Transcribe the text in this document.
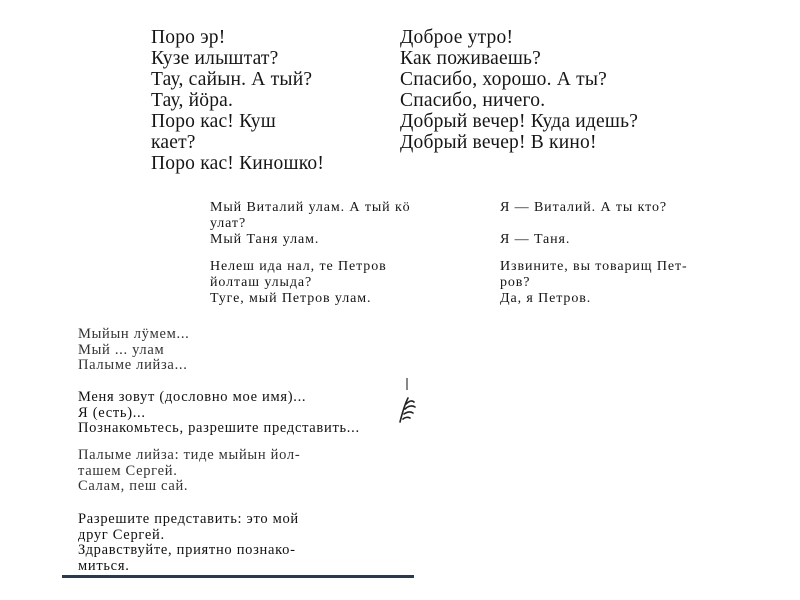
Поро эр!
Кузе илыштат?
Тау, сайын. А тый?
Тау, йӧра.
Поро кас! Куш
кает?
Поро кас! Киношко!
Доброе утро!
Как поживаешь?
Спасибо, хорошо. А ты?
Спасибо, ничего.
Добрый вечер! Куда идешь?
Добрый вечер! В кино!
Мый Виталий улам. А тый кӧ
улат?
Мый Таня улам.
Нелеш ида нал, те Петров
йолташ улыда?
Туге, мый Петров улам.
Я — Виталий. А ты кто?
Я — Таня.
Извините, вы товарищ Пет-
ров?
Да, я Петров.
Мыйын лӱмем...
Мый ... улам
Палыме лийза...
Меня зовут (дословно мое имя)...
Я (есть)...
Познакомьтесь, разрешите представить...
Палыме лийза: тиде мыйын йол-
ташем Сергей.
Салам, пеш сай.
Разрешите представить: это мой
друг Сергей.
Здравствуйте, приятно познако-
миться.
